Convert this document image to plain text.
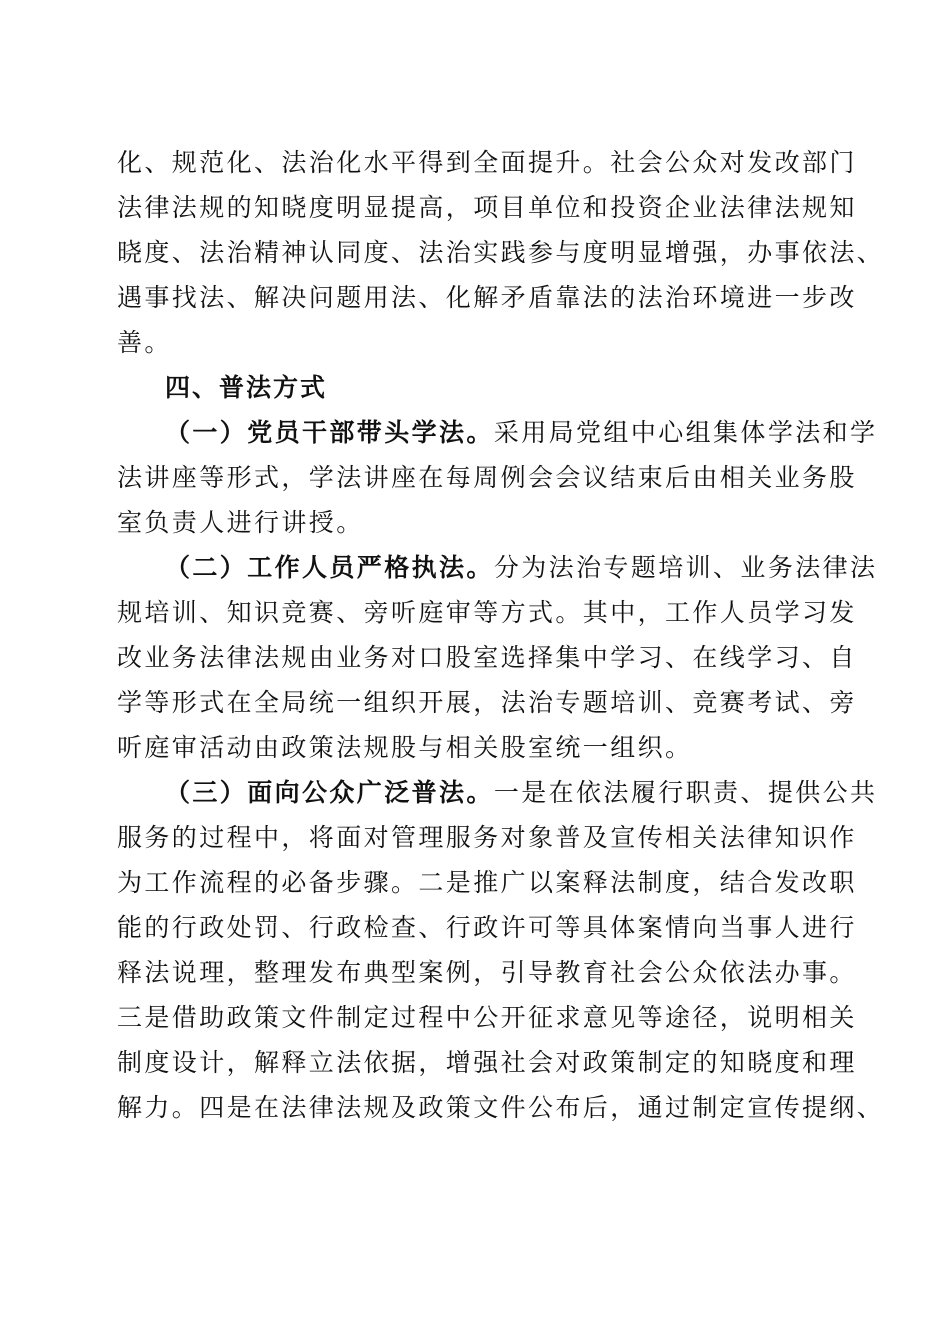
化、规范化、法治化水平得到全面提升。社会公众对发改部门
法律法规的知晓度明显提高，项目单位和投资企业法律法规知
晓度、法治精神认同度、法治实践参与度明显增强，办事依法、
遇事找法、解决问题用法、化解矛盾靠法的法治环境进一步改
善。
四、普法方式
（一）党员干部带头学法。采用局党组中心组集体学法和学
法讲座等形式，学法讲座在每周例会会议结束后由相关业务股
室负责人进行讲授。
（二）工作人员严格执法。分为法治专题培训、业务法律法
规培训、知识竞赛、旁听庭审等方式。其中，工作人员学习发
改业务法律法规由业务对口股室选择集中学习、在线学习、自
学等形式在全局统一组织开展，法治专题培训、竞赛考试、旁
听庭审活动由政策法规股与相关股室统一组织。
（三）面向公众广泛普法。一是在依法履行职责、提供公共
服务的过程中，将面对管理服务对象普及宣传相关法律知识作
为工作流程的必备步骤。二是推广以案释法制度，结合发改职
能的行政处罚、行政检查、行政许可等具体案情向当事人进行
释法说理，整理发布典型案例，引导教育社会公众依法办事。
三是借助政策文件制定过程中公开征求意见等途径，说明相关
制度设计，解释立法依据，增强社会对政策制定的知晓度和理
解力。四是在法律法规及政策文件公布后，通过制定宣传提纲、
